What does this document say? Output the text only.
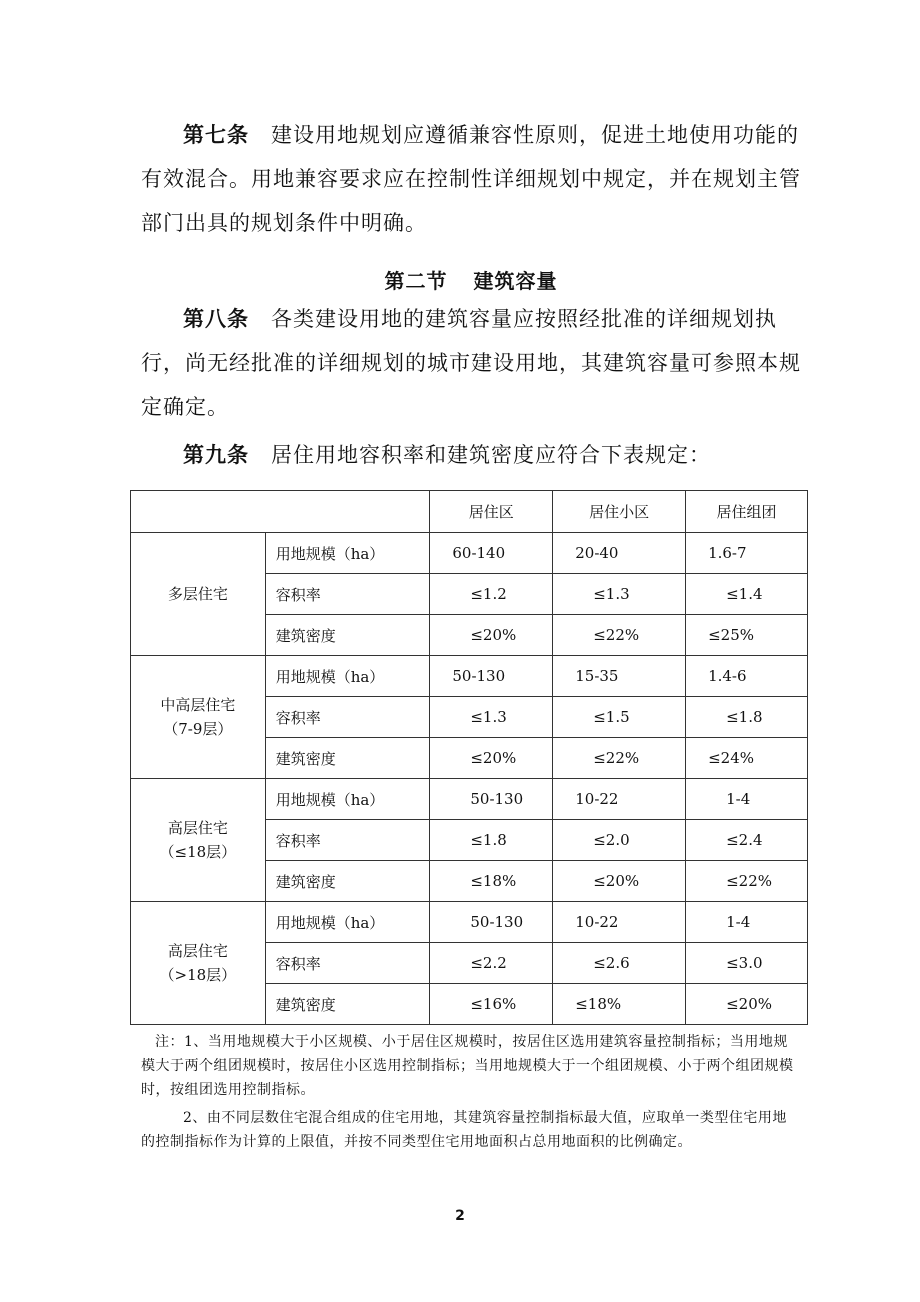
第七条 建设用地规划应遵循兼容性原则，促进土地使用功能的有效混合。用地兼容要求应在控制性详细规划中规定，并在规划主管部门出具的规划条件中明确。

第二节 建筑容量

第八条 各类建设用地的建筑容量应按照经批准的详细规划执行，尚无经批准的详细规划的城市建设用地，其建筑容量可参照本规定确定。

第九条 居住用地容积率和建筑密度应符合下表规定：

		居住区	居住小区	居住组团
多层住宅	用地规模（ha）	60-140	20-40	1.6-7
	容积率	≤1.2	≤1.3	≤1.4
	建筑密度	≤20%	≤22%	≤25%
中高层住宅
（7-9层）	用地规模（ha）	50-130	15-35	1.4-6
	容积率	≤1.3	≤1.5	≤1.8
	建筑密度	≤20%	≤22%	≤24%
高层住宅
（≤18层）	用地规模（ha）	50-130	10-22	1-4
	容积率	≤1.8	≤2.0	≤2.4
	建筑密度	≤18%	≤20%	≤22%
高层住宅
（>18层）	用地规模（ha）	50-130	10-22	1-4
	容积率	≤2.2	≤2.6	≤3.0
	建筑密度	≤16%	≤18%	≤20%

注：1、当用地规模大于小区规模、小于居住区规模时，按居住区选用建筑容量控制指标；当用地规模大于两个组团规模时，按居住小区选用控制指标；当用地规模大于一个组团规模、小于两个组团规模时，按组团选用控制指标。

2、由不同层数住宅混合组成的住宅用地，其建筑容量控制指标最大值，应取单一类型住宅用地的控制指标作为计算的上限值，并按不同类型住宅用地面积占总用地面积的比例确定。

2
